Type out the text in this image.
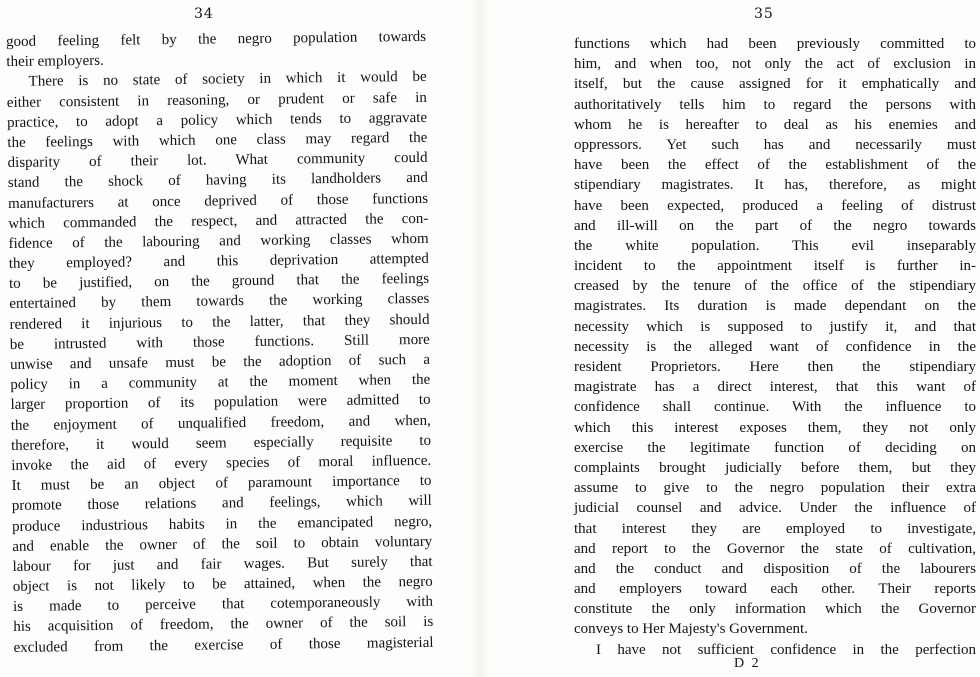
34
good feeling felt by the negro population towards
their employers.
There is no state of society in which it would be
either consistent in reasoning, or prudent or safe in
practice, to adopt a policy which tends to aggravate
the feelings with which one class may regard the
disparity of their lot. What community could
stand the shock of having its landholders and
manufacturers at once deprived of those functions
which commanded the respect, and attracted the con-
fidence of the labouring and working classes whom
they employed? and this deprivation attempted
to be justified, on the ground that the feelings
entertained by them towards the working classes
rendered it injurious to the latter, that they should
be intrusted with those functions. Still more
unwise and unsafe must be the adoption of such a
policy in a community at the moment when the
larger proportion of its population were admitted to
the enjoyment of unqualified freedom, and when,
therefore, it would seem especially requisite to
invoke the aid of every species of moral influence.
It must be an object of paramount importance to
promote those relations and feelings, which will
produce industrious habits in the emancipated negro,
and enable the owner of the soil to obtain voluntary
labour for just and fair wages. But surely that
object is not likely to be attained, when the negro
is made to perceive that cotemporaneously with
his acquisition of freedom, the owner of the soil is
excluded from the exercise of those magisterial
35
functions which had been previously committed to
him, and when too, not only the act of exclusion in
itself, but the cause assigned for it emphatically and
authoritatively tells him to regard the persons with
whom he is hereafter to deal as his enemies and
oppressors. Yet such has and necessarily must
have been the effect of the establishment of the
stipendiary magistrates. It has, therefore, as might
have been expected, produced a feeling of distrust
and ill-will on the part of the negro towards
the white population. This evil inseparably
incident to the appointment itself is further in-
creased by the tenure of the office of the stipendiary
magistrates. Its duration is made dependant on the
necessity which is supposed to justify it, and that
necessity is the alleged want of confidence in the
resident Proprietors. Here then the stipendiary
magistrate has a direct interest, that this want of
confidence shall continue. With the influence to
which this interest exposes them, they not only
exercise the legitimate function of deciding on
complaints brought judicially before them, but they
assume to give to the negro population their extra
judicial counsel and advice. Under the influence of
that interest they are employed to investigate,
and report to the Governor the state of cultivation,
and the conduct and disposition of the labourers
and employers toward each other. Their reports
constitute the only information which the Governor
conveys to Her Majesty's Government.
I have not sufficient confidence in the perfection
D 2
